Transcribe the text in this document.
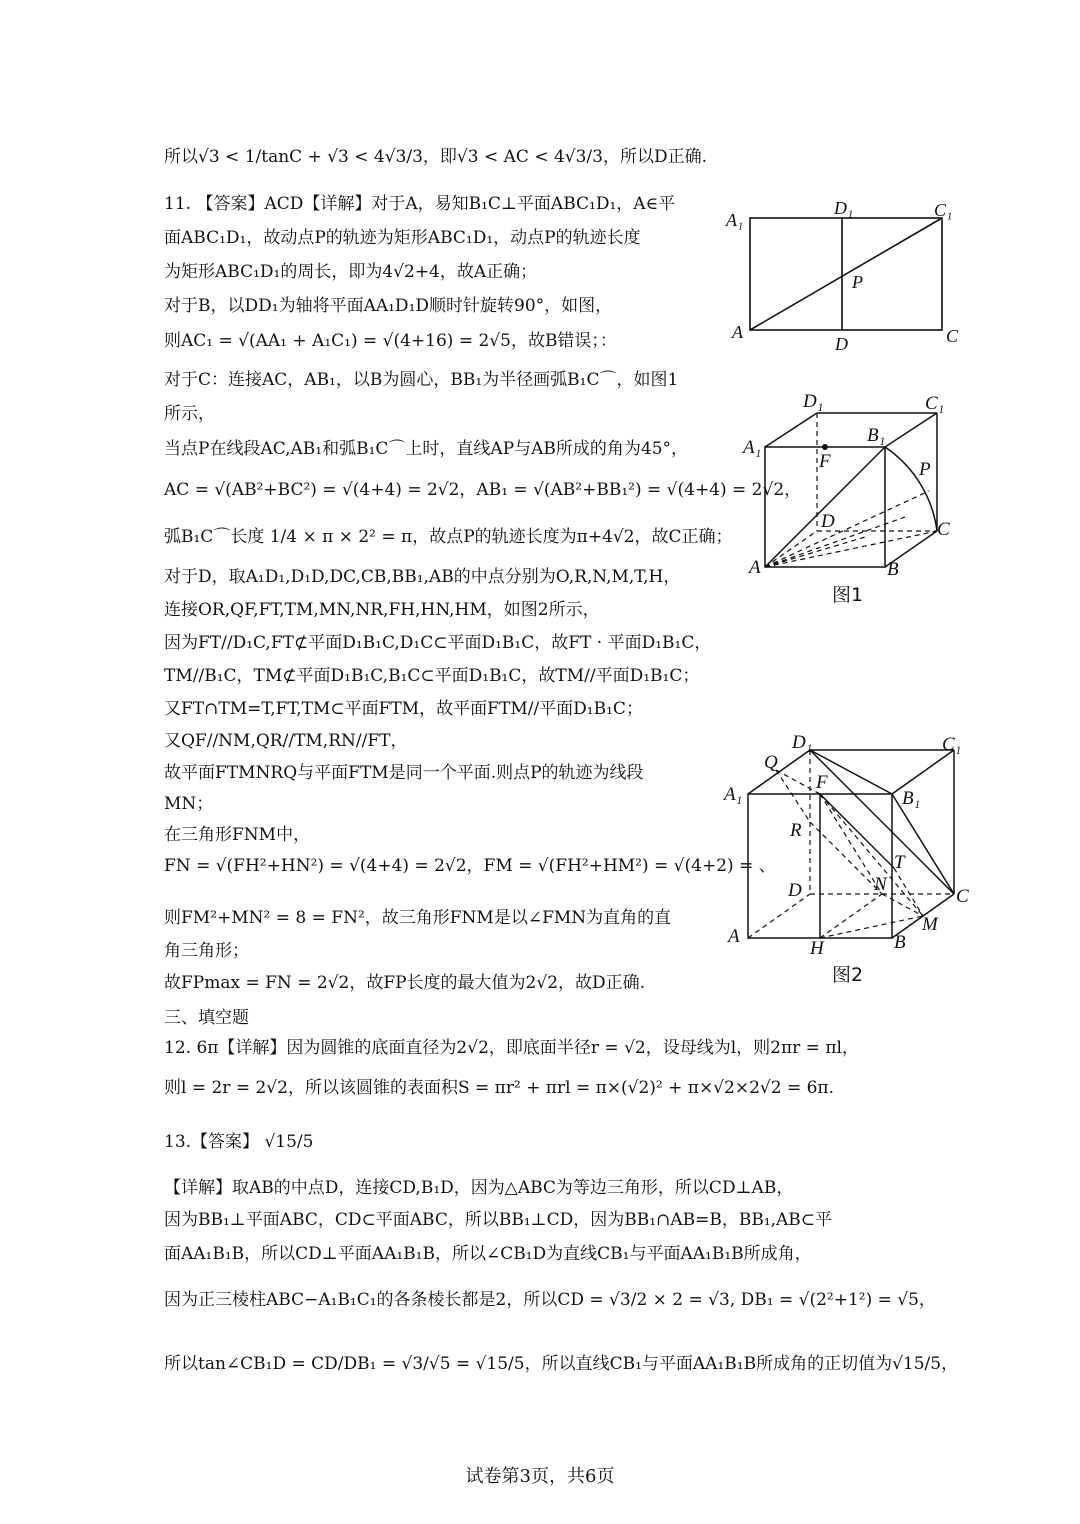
所以√3 < 1/tanC + √3 < 4√3/3，即√3 < AC < 4√3/3，所以D正确.
11. 【答案】ACD【详解】对于A，易知B₁C⊥平面ABC₁D₁，A∈平
面ABC₁D₁，故动点P的轨迹为矩形ABC₁D₁，动点P的轨迹长度
为矩形ABC₁D₁的周长，即为4√2+4，故A正确；
对于B，以DD₁为轴将平面AA₁D₁D顺时针旋转90°，如图，
则AC₁ = √(AA₁ + A₁C₁) = √(4+16) = 2√5，故B错误；：
对于C：连接AC，AB₁，以B为圆心，BB₁为半径画弧B₁C⌒，如图1
所示，
当点P在线段AC,AB₁和弧B₁C⌒上时，直线AP与AB所成的角为45°，
AC = √(AB²+BC²) = √(4+4) = 2√2，AB₁ = √(AB²+BB₁²) = √(4+4) = 2√2，
弧B₁C⌒长度 1/4 × π × 2² = π，故点P的轨迹长度为π+4√2，故C正确；
对于D，取A₁D₁,D₁D,DC,CB,BB₁,AB的中点分别为O,R,N,M,T,H，
连接OR,QF,FT,TM,MN,NR,FH,HN,HM，如图2所示，
因为FT//D₁C,FT⊄平面D₁B₁C,D₁C⊂平面D₁B₁C，故FT · 平面D₁B₁C，
TM//B₁C，TM⊄平面D₁B₁C,B₁C⊂平面D₁B₁C，故TM//平面D₁B₁C；
又FT∩TM=T,FT,TM⊂平面FTM，故平面FTM//平面D₁B₁C；
又QF//NM,QR//TM,RN//FT，
故平面FTMNRQ与平面FTM是同一个平面.则点P的轨迹为线段
MN；
在三角形FNM中，
FN = √(FH²+HN²) = √(4+4) = 2√2，FM = √(FH²+HM²) = √(4+2) = 、
则FM²+MN² = 8 = FN²，故三角形FNM是以∠FMN为直角的直
角三角形；
故FPmax = FN = 2√2，故FP长度的最大值为2√2，故D正确.
三、填空题
12. 6π【详解】因为圆锥的底面直径为2√2，即底面半径r = √2，设母线为l，则2πr = πl，
则l = 2r = 2√2，所以该圆锥的表面积S = πr² + πrl = π×(√2)² + π×√2×2√2 = 6π.
13.【答案】 √15/5
【详解】取AB的中点D，连接CD,B₁D，因为△ABC为等边三角形，所以CD⊥AB，
因为BB₁⊥平面ABC，CD⊂平面ABC，所以BB₁⊥CD，因为BB₁∩AB=B，BB₁,AB⊂平
面AA₁B₁B，所以CD⊥平面AA₁B₁B，所以∠CB₁D为直线CB₁与平面AA₁B₁B所成角，
因为正三棱柱ABC−A₁B₁C₁的各条棱长都是2，所以CD = √3/2 × 2 = √3, DB₁ = √(2²+1²) = √5，
所以tan∠CB₁D = CD/DB₁ = √3/√5 = √15/5，所以直线CB₁与平面AA₁B₁B所成角的正切值为√15/5，
A₁
D₁	C₁
A
D	C
P
D₁	C₁
A₁
B₁
F	P
D	C
A	B
图1
D₁	C₁
Q
F
A₁	B₁
R
T
N
D	C
M
A
H	B
图2
试卷第3页，共6页
